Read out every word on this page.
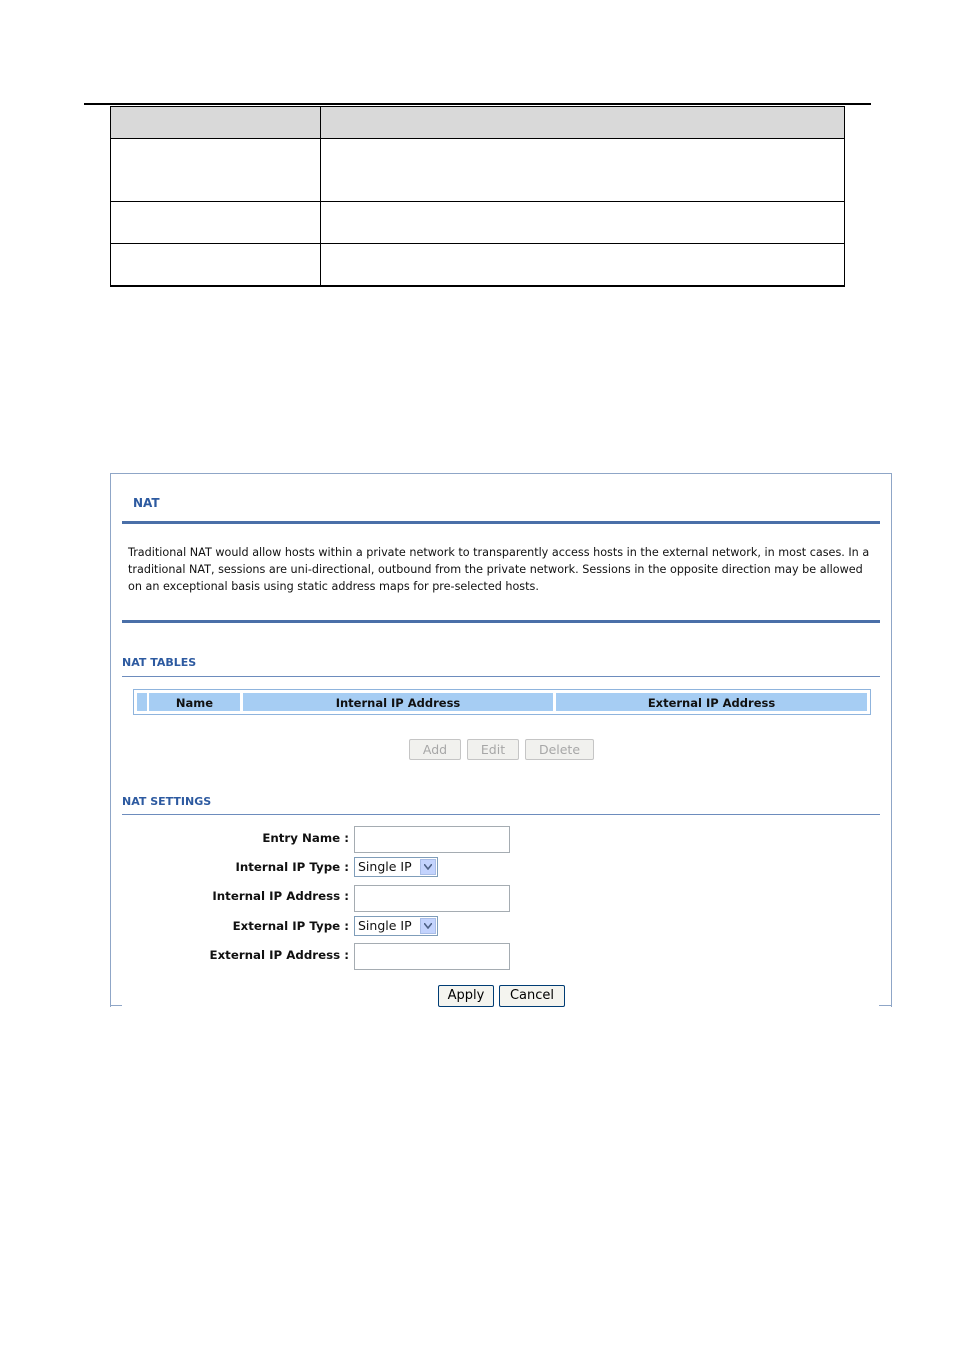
NAT
Traditional NAT would allow hosts within a private network to transparently access hosts in the external network, in most cases. In a traditional NAT, sessions are uni-directional, outbound from the private network. Sessions in the opposite direction may be allowed on an exceptional basis using static address maps for pre-selected hosts.
NAT TABLES
Name	Internal IP Address	External IP Address
Add	Edit	Delete
NAT SETTINGS
Entry Name :
Internal IP Type : Single IP
Internal IP Address :
External IP Type : Single IP
External IP Address :
Apply	Cancel
